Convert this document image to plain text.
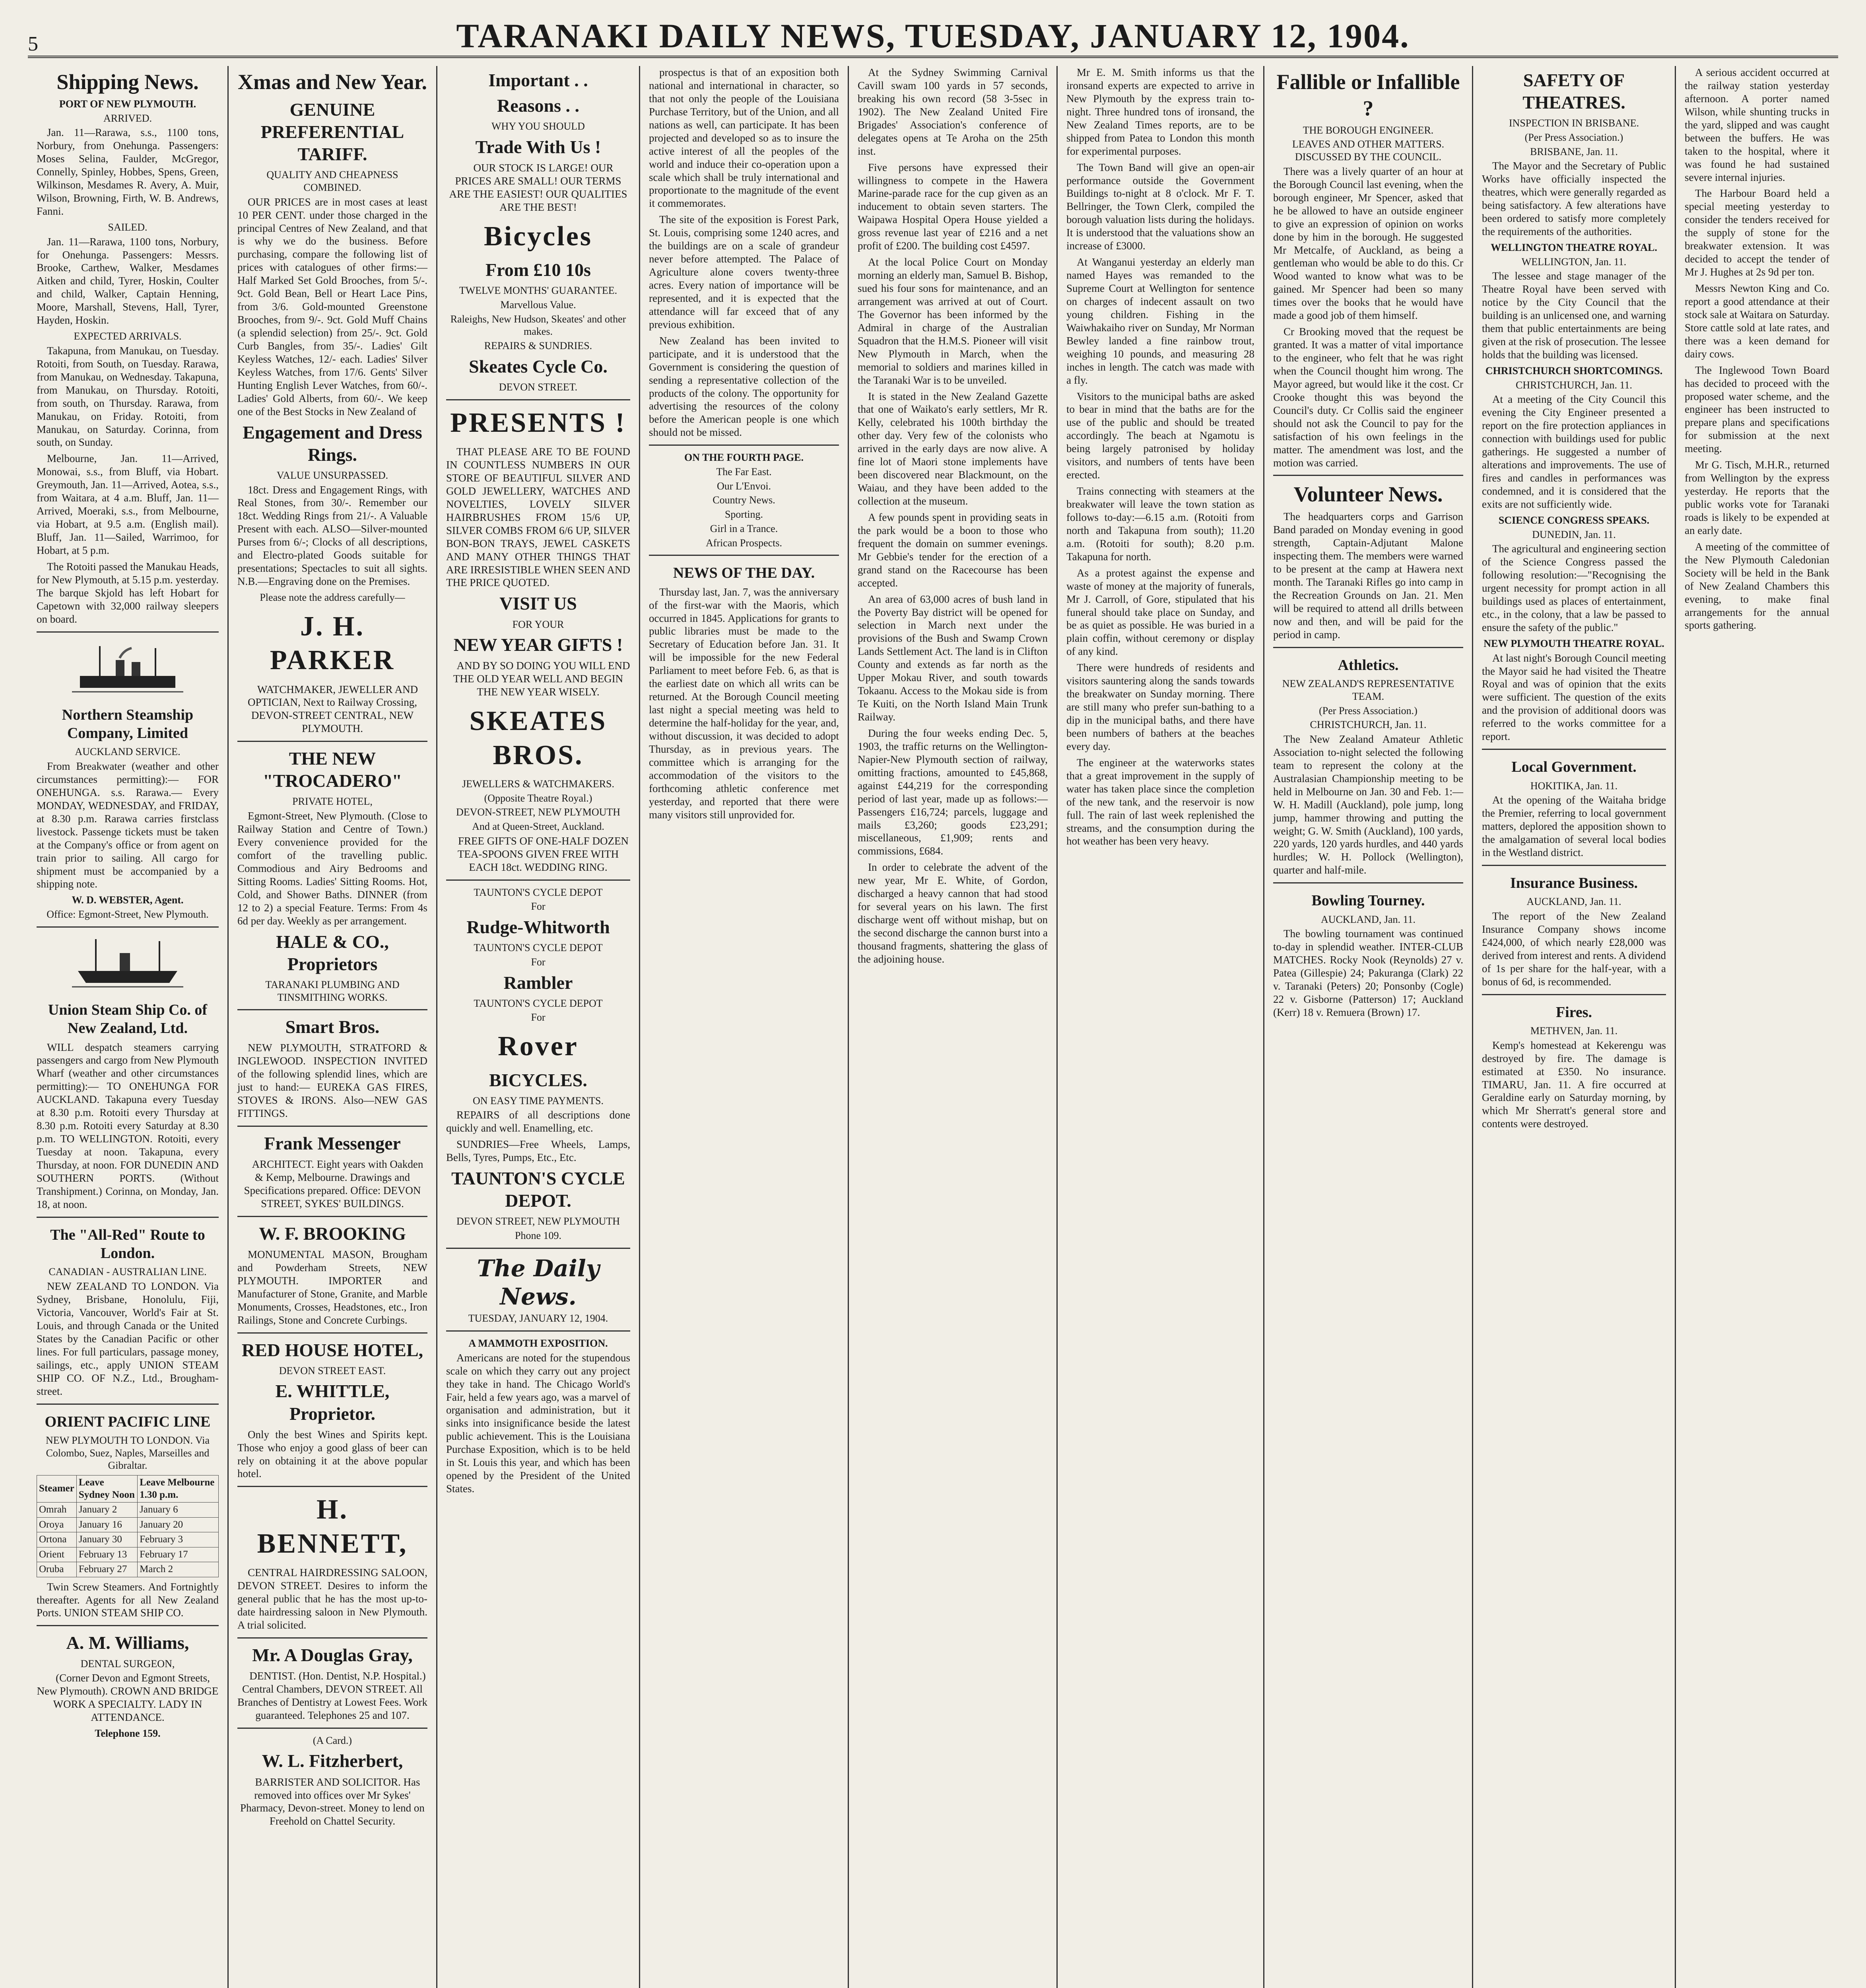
5	TARANAKI DAILY NEWS, TUESDAY, JANUARY 12, 1904.
Shipping News.
PORT OF NEW PLYMOUTH.
ARRIVED.

Jan. 11—Rarawa, s.s., 1100 tons, Norbury, from Onehunga. Passengers: Moses Selina, Faulder, McGregor, Connelly, Spinley, Hobbes, Spens, Green, Wilkinson, Mesdames R. Avery, A. Muir, Wilson, Browning, Firth, W. B. Andrews, Fanni.

SAILED.

Jan. 11—Rarawa, 1100 tons, Norbury, for Onehunga. Passengers: Messrs. Brooke, Carthew, Walker, Mesdames Aitken and child, Tyrer, Hoskin, Coulter and child, Walker, Captain Henning, Moore, Marshall, Stevens, Hall, Tyrer, Hayden, Hoskin.

EXPECTED ARRIVALS.

Takapuna, from Manukau, on Tuesday. Rotoiti, from South, on Tuesday. Rarawa, from Manukau, on Wednesday. Takapuna, from Manukau, on Thursday. Rotoiti, from south, on Thursday. Rarawa, from Manukau, on Friday. Rotoiti, from Manukau, on Saturday. Corinna, from south, on Sunday.

Melbourne, Jan. 11—Arrived, Monowai, s.s., from Bluff, via Hobart. Greymouth, Jan. 11—Arrived, Aotea, s.s., from Waitara, at 4 a.m. Bluff, Jan. 11—Arrived, Moeraki, s.s., from Melbourne, via Hobart, at 9.5 a.m. (English mail). Bluff, Jan. 11—Sailed, Warrimoo, for Hobart, at 5 p.m.

The Rotoiti passed the Manukau Heads, for New Plymouth, at 5.15 p.m. yesterday. The barque Skjold has left Hobart for Capetown with 32,000 railway sleepers on board.

Northern Steamship Company, Limited
AUCKLAND SERVICE.

From Breakwater (weather and other circumstances permitting):— FOR ONEHUNGA. s.s. Rarawa.— Every MONDAY, WEDNESDAY, and FRIDAY, at 8.30 p.m. Rarawa carries firstclass livestock. Passenge tickets must be taken at the Company's office or from agent on train prior to sailing. All cargo for shipment must be accompanied by a shipping note.

W. D. WEBSTER, Agent.
Office: Egmont-Street, New Plymouth.
Union Steam Ship Co. of New Zealand, Ltd.

WILL despatch steamers carrying passengers and cargo from New Plymouth Wharf (weather and other circumstances permitting):— TO ONEHUNGA FOR AUCKLAND. Takapuna every Tuesday at 8.30 p.m. Rotoiti every Thursday at 8.30 p.m. Rotoiti every Saturday at 8.30 p.m. TO WELLINGTON. Rotoiti, every Tuesday at noon. Takapuna, every Thursday, at noon. FOR DUNEDIN AND SOUTHERN PORTS. (Without Transhipment.) Corinna, on Monday, Jan. 18, at noon.

The "All-Red" Route to London.
CANADIAN - AUSTRALIAN LINE.

NEW ZEALAND TO LONDON. Via Sydney, Brisbane, Honolulu, Fiji, Victoria, Vancouver, World's Fair at St. Louis, and through Canada or the United States by the Canadian Pacific or other lines. For full particulars, passage money, sailings, etc., apply UNION STEAM SHIP CO. OF N.Z., Ltd., Brougham-street.

ORIENT PACIFIC LINE
NEW PLYMOUTH TO LONDON. Via Colombo, Suez, Naples, Marseilles and Gibraltar.
Steamer	Leave Sydney Noon	Leave Melbourne 1.30 p.m.
Omrah	January 2	January 6
Oroya	January 16	January 20
Ortona	January 30	February 3
Orient	February 13	February 17
Oruba	February 27	March 2

Twin Screw Steamers. And Fortnightly thereafter. Agents for all New Zealand Ports. UNION STEAM SHIP CO.

A. M. Williams,
DENTAL SURGEON,

(Corner Devon and Egmont Streets, New Plymouth). CROWN AND BRIDGE WORK A SPECIALTY. LADY IN ATTENDANCE.

Telephone 159.
Xmas and New Year.
GENUINE PREFERENTIAL TARIFF.
QUALITY AND CHEAPNESS COMBINED.

OUR PRICES are in most cases at least 10 PER CENT. under those charged in the principal Centres of New Zealand, and that is why we do the business. Before purchasing, compare the following list of prices with catalogues of other firms:— Half Marked Set Gold Brooches, from 5/-. 9ct. Gold Bean, Bell or Heart Lace Pins, from 3/6. Gold-mounted Greenstone Brooches, from 9/-. 9ct. Gold Muff Chains (a splendid selection) from 25/-. 9ct. Gold Curb Bangles, from 35/-. Ladies' Gilt Keyless Watches, 12/- each. Ladies' Silver Keyless Watches, from 17/6. Gents' Silver Hunting English Lever Watches, from 60/-. Ladies' Gold Alberts, from 60/-. We keep one of the Best Stocks in New Zealand of

Engagement and Dress Rings.
VALUE UNSURPASSED.

18ct. Dress and Engagement Rings, with Real Stones, from 30/-. Remember our 18ct. Wedding Rings from 21/-. A Valuable Present with each. ALSO—Silver-mounted Purses from 6/-; Clocks of all descriptions, and Electro-plated Goods suitable for presentations; Spectacles to suit all sights. N.B.—Engraving done on the Premises.

Please note the address carefully—
J. H. PARKER

WATCHMAKER, JEWELLER AND OPTICIAN, Next to Railway Crossing, DEVON-STREET CENTRAL, NEW PLYMOUTH.

THE NEW "TROCADERO"
PRIVATE HOTEL,

Egmont-Street, New Plymouth. (Close to Railway Station and Centre of Town.) Every convenience provided for the comfort of the travelling public. Commodious and Airy Bedrooms and Sitting Rooms. Ladies' Sitting Rooms. Hot, Cold, and Shower Baths. DINNER (from 12 to 2) a special Feature. Terms: From 4s 6d per day. Weekly as per arrangement.

HALE & CO., Proprietors
TARANAKI PLUMBING AND TINSMITHING WORKS.
Smart Bros.

NEW PLYMOUTH, STRATFORD & INGLEWOOD. INSPECTION INVITED of the following splendid lines, which are just to hand:— EUREKA GAS FIRES, STOVES & IRONS. Also—NEW GAS FITTINGS.

Frank Messenger

ARCHITECT. Eight years with Oakden & Kemp, Melbourne. Drawings and Specifications prepared. Office: DEVON STREET, SYKES' BUILDINGS.

W. F. BROOKING

MONUMENTAL MASON, Brougham and Powderham Streets, NEW PLYMOUTH. IMPORTER and Manufacturer of Stone, Granite, and Marble Monuments, Crosses, Headstones, etc., Iron Railings, Stone and Concrete Curbings.

RED HOUSE HOTEL,
DEVON STREET EAST.
E. WHITTLE, Proprietor.

Only the best Wines and Spirits kept. Those who enjoy a good glass of beer can rely on obtaining it at the above popular hotel.

H. BENNETT,

CENTRAL HAIRDRESSING SALOON, DEVON STREET. Desires to inform the general public that he has the most up-to-date hairdressing saloon in New Plymouth. A trial solicited.

Mr. A Douglas Gray,

DENTIST. (Hon. Dentist, N.P. Hospital.) Central Chambers, DEVON STREET. All Branches of Dentistry at Lowest Fees. Work guaranteed. Telephones 25 and 107.

(A Card.)
W. L. Fitzherbert,

BARRISTER AND SOLICITOR. Has removed into offices over Mr Sykes' Pharmacy, Devon-street. Money to lend on Freehold on Chattel Security.

Important . .
Reasons . .
WHY YOU SHOULD
Trade With Us !

OUR STOCK IS LARGE! OUR PRICES ARE SMALL! OUR TERMS ARE THE EASIEST! OUR QUALITIES ARE THE BEST!

Bicycles
From £10 10s
TWELVE MONTHS' GUARANTEE.
Marvellous Value.
Raleighs, New Hudson, Skeates' and other makes.
REPAIRS & SUNDRIES.
Skeates Cycle Co.
DEVON STREET.
PRESENTS !

THAT PLEASE ARE TO BE FOUND IN COUNTLESS NUMBERS IN OUR STORE OF BEAUTIFUL SILVER AND GOLD JEWELLERY, WATCHES AND NOVELTIES, LOVELY SILVER HAIRBRUSHES FROM 15/6 UP, SILVER COMBS FROM 6/6 UP, SILVER BON-BON TRAYS, JEWEL CASKETS AND MANY OTHER THINGS THAT ARE IRRESISTIBLE WHEN SEEN AND THE PRICE QUOTED.

VISIT US
FOR YOUR
NEW YEAR GIFTS !

AND BY SO DOING YOU WILL END THE OLD YEAR WELL AND BEGIN THE NEW YEAR WISELY.

SKEATES BROS.
JEWELLERS & WATCHMAKERS.
(Opposite Theatre Royal.)
DEVON-STREET, NEW PLYMOUTH
And at Queen-Street, Auckland.

FREE GIFTS OF ONE-HALF DOZEN TEA-SPOONS GIVEN FREE WITH EACH 18ct. WEDDING RING.

TAUNTON'S CYCLE DEPOT
For
Rudge-Whitworth
TAUNTON'S CYCLE DEPOT
For
Rambler
TAUNTON'S CYCLE DEPOT
For
Rover
BICYCLES.
ON EASY TIME PAYMENTS.

REPAIRS of all descriptions done quickly and well. Enamelling, etc.

SUNDRIES—Free Wheels, Lamps, Bells, Tyres, Pumps, Etc., Etc.

TAUNTON'S CYCLE DEPOT.
DEVON STREET, NEW PLYMOUTH
Phone 109.
The Daily News.
TUESDAY, JANUARY 12, 1904.
A MAMMOTH EXPOSITION.

Americans are noted for the stupendous scale on which they carry out any project they take in hand. The Chicago World's Fair, held a few years ago, was a marvel of organisation and administration, but it sinks into insignificance beside the latest public achievement. This is the Louisiana Purchase Exposition, which is to be held in St. Louis this year, and which has been opened by the President of the United States.

prospectus is that of an exposition both national and international in character, so that not only the people of the Louisiana Purchase Territory, but of the Union, and all nations as well, can participate. It has been projected and developed so as to insure the active interest of all the peoples of the world and induce their co-operation upon a scale which shall be truly international and proportionate to the magnitude of the event it commemorates.

The site of the exposition is Forest Park, St. Louis, comprising some 1240 acres, and the buildings are on a scale of grandeur never before attempted. The Palace of Agriculture alone covers twenty-three acres. Every nation of importance will be represented, and it is expected that the attendance will far exceed that of any previous exhibition.

New Zealand has been invited to participate, and it is understood that the Government is considering the question of sending a representative collection of the products of the colony. The opportunity for advertising the resources of the colony before the American people is one which should not be missed.

ON THE FOURTH PAGE.
The Far East.
Our L'Envoi.
Country News.
Sporting.
Girl in a Trance.
African Prospects.
NEWS OF THE DAY.

Thursday last, Jan. 7, was the anniversary of the first-war with the Maoris, which occurred in 1845. Applications for grants to public libraries must be made to the Secretary of Education before Jan. 31. It will be impossible for the new Federal Parliament to meet before Feb. 6, as that is the earliest date on which all writs can be returned. At the Borough Council meeting last night a special meeting was held to determine the half-holiday for the year, and, without discussion, it was decided to adopt Thursday, as in previous years. The committee which is arranging for the accommodation of the visitors to the forthcoming athletic conference met yesterday, and reported that there were many visitors still unprovided for.

At the Sydney Swimming Carnival Cavill swam 100 yards in 57 seconds, breaking his own record (58 3-5sec in 1902). The New Zealand United Fire Brigades' Association's conference of delegates opens at Te Aroha on the 25th inst.

Five persons have expressed their willingness to compete in the Hawera Marine-parade race for the cup given as an inducement to obtain seven starters. The Waipawa Hospital Opera House yielded a gross revenue last year of £216 and a net profit of £200. The building cost £4597.

At the local Police Court on Monday morning an elderly man, Samuel B. Bishop, sued his four sons for maintenance, and an arrangement was arrived at out of Court. The Governor has been informed by the Admiral in charge of the Australian Squadron that the H.M.S. Pioneer will visit New Plymouth in March, when the memorial to soldiers and marines killed in the Taranaki War is to be unveiled.

It is stated in the New Zealand Gazette that one of Waikato's early settlers, Mr R. Kelly, celebrated his 100th birthday the other day. Very few of the colonists who arrived in the early days are now alive. A fine lot of Maori stone implements have been discovered near Blackmount, on the Waiau, and they have been added to the collection at the museum.

A few pounds spent in providing seats in the park would be a boon to those who frequent the domain on summer evenings. Mr Gebbie's tender for the erection of a grand stand on the Racecourse has been accepted.

An area of 63,000 acres of bush land in the Poverty Bay district will be opened for selection in March next under the provisions of the Bush and Swamp Crown Lands Settlement Act. The land is in Clifton County and extends as far north as the Upper Mokau River, and south towards Tokaanu. Access to the Mokau side is from Te Kuiti, on the North Island Main Trunk Railway.

During the four weeks ending Dec. 5, 1903, the traffic returns on the Wellington-Napier-New Plymouth section of railway, omitting fractions, amounted to £45,868, against £44,219 for the corresponding period of last year, made up as follows:— Passengers £16,724; parcels, luggage and mails £3,260; goods £23,291; miscellaneous, £1,909; rents and commissions, £684.

In order to celebrate the advent of the new year, Mr E. White, of Gordon, discharged a heavy cannon that had stood for several years on his lawn. The first discharge went off without mishap, but on the second discharge the cannon burst into a thousand fragments, shattering the glass of the adjoining house.

Mr E. M. Smith informs us that the ironsand experts are expected to arrive in New Plymouth by the express train to-night. Three hundred tons of ironsand, the New Zealand Times reports, are to be shipped from Patea to London this month for experimental purposes.

The Town Band will give an open-air performance outside the Government Buildings to-night at 8 o'clock. Mr F. T. Bellringer, the Town Clerk, compiled the borough valuation lists during the holidays. It is understood that the valuations show an increase of £3000.

At Wanganui yesterday an elderly man named Hayes was remanded to the Supreme Court at Wellington for sentence on charges of indecent assault on two young children. Fishing in the Waiwhakaiho river on Sunday, Mr Norman Bewley landed a fine rainbow trout, weighing 10 pounds, and measuring 28 inches in length. The catch was made with a fly.

Visitors to the municipal baths are asked to bear in mind that the baths are for the use of the public and should be treated accordingly. The beach at Ngamotu is being largely patronised by holiday visitors, and numbers of tents have been erected.

Trains connecting with steamers at the breakwater will leave the town station as follows to-day:—6.15 a.m. (Rotoiti from north and Takapuna from south); 11.20 a.m. (Rotoiti for south); 8.20 p.m. Takapuna for north.

As a protest against the expense and waste of money at the majority of funerals, Mr J. Carroll, of Gore, stipulated that his funeral should take place on Sunday, and be as quiet as possible. He was buried in a plain coffin, without ceremony or display of any kind.

There were hundreds of residents and visitors sauntering along the sands towards the breakwater on Sunday morning. There are still many who prefer sun-bathing to a dip in the municipal baths, and there have been numbers of bathers at the beaches every day.

The engineer at the waterworks states that a great improvement in the supply of water has taken place since the completion of the new tank, and the reservoir is now full. The rain of last week replenished the streams, and the consumption during the hot weather has been very heavy.

Fallible or Infallible ?
THE BOROUGH ENGINEER.
LEAVES AND OTHER MATTERS. DISCUSSED BY THE COUNCIL.

There was a lively quarter of an hour at the Borough Council last evening, when the borough engineer, Mr Spencer, asked that he be allowed to have an outside engineer to give an expression of opinion on works done by him in the borough. He suggested Mr Metcalfe, of Auckland, as being a gentleman who would be able to do this. Cr Wood wanted to know what was to be gained. Mr Spencer had been so many times over the books that he would have made a good job of them himself.

Cr Brooking moved that the request be granted. It was a matter of vital importance to the engineer, who felt that he was right when the Council thought him wrong. The Mayor agreed, but would like it the cost. Cr Crooke thought this was beyond the Council's duty. Cr Collis said the engineer should not ask the Council to pay for the satisfaction of his own feelings in the matter. The amendment was lost, and the motion was carried.

Volunteer News.

The headquarters corps and Garrison Band paraded on Monday evening in good strength, Captain-Adjutant Malone inspecting them. The members were warned to be present at the camp at Hawera next month. The Taranaki Rifles go into camp in the Recreation Grounds on Jan. 21. Men will be required to attend all drills between now and then, and will be paid for the period in camp.

Athletics.
NEW ZEALAND'S REPRESENTATIVE TEAM.
(Per Press Association.)
CHRISTCHURCH, Jan. 11.

The New Zealand Amateur Athletic Association to-night selected the following team to represent the colony at the Australasian Championship meeting to be held in Melbourne on Jan. 30 and Feb. 1:—W. H. Madill (Auckland), pole jump, long jump, hammer throwing and putting the weight; G. W. Smith (Auckland), 100 yards, 220 yards, 120 yards hurdles, and 440 yards hurdles; W. H. Pollock (Wellington), quarter and half-mile.

Bowling Tourney.
AUCKLAND, Jan. 11.

The bowling tournament was continued to-day in splendid weather. INTER-CLUB MATCHES. Rocky Nook (Reynolds) 27 v. Patea (Gillespie) 24; Pakuranga (Clark) 22 v. Taranaki (Peters) 20; Ponsonby (Cogle) 22 v. Gisborne (Patterson) 17; Auckland (Kerr) 18 v. Remuera (Brown) 17.

SAFETY OF THEATRES.
INSPECTION IN BRISBANE.
(Per Press Association.)
BRISBANE, Jan. 11.

The Mayor and the Secretary of Public Works have officially inspected the theatres, which were generally regarded as being satisfactory. A few alterations have been ordered to satisfy more completely the requirements of the authorities.

WELLINGTON THEATRE ROYAL.
WELLINGTON, Jan. 11.

The lessee and stage manager of the Theatre Royal have been served with notice by the City Council that the building is an unlicensed one, and warning them that public entertainments are being given at the risk of prosecution. The lessee holds that the building was licensed.

CHRISTCHURCH SHORTCOMINGS.
CHRISTCHURCH, Jan. 11.

At a meeting of the City Council this evening the City Engineer presented a report on the fire protection appliances in connection with buildings used for public gatherings. He suggested a number of alterations and improvements. The use of fires and candles in performances was condemned, and it is considered that the exits are not sufficiently wide.

SCIENCE CONGRESS SPEAKS.
DUNEDIN, Jan. 11.

The agricultural and engineering section of the Science Congress passed the following resolution:—"Recognising the urgent necessity for prompt action in all buildings used as places of entertainment, etc., in the colony, that a law be passed to ensure the safety of the public."

NEW PLYMOUTH THEATRE ROYAL.

At last night's Borough Council meeting the Mayor said he had visited the Theatre Royal and was of opinion that the exits were sufficient. The question of the exits and the provision of additional doors was referred to the works committee for a report.

Local Government.
HOKITIKA, Jan. 11.

At the opening of the Waitaha bridge the Premier, referring to local government matters, deplored the apposition shown to the amalgamation of several local bodies in the Westland district.

Insurance Business.
AUCKLAND, Jan. 11.

The report of the New Zealand Insurance Company shows income £424,000, of which nearly £28,000 was derived from interest and rents. A dividend of 1s per share for the half-year, with a bonus of 6d, is recommended.

Fires.
METHVEN, Jan. 11.

Kemp's homestead at Kekerengu was destroyed by fire. The damage is estimated at £350. No insurance. TIMARU, Jan. 11. A fire occurred at Geraldine early on Saturday morning, by which Mr Sherratt's general store and contents were destroyed.

A serious accident occurred at the railway station yesterday afternoon. A porter named Wilson, while shunting trucks in the yard, slipped and was caught between the buffers. He was taken to the hospital, where it was found he had sustained severe internal injuries.

The Harbour Board held a special meeting yesterday to consider the tenders received for the supply of stone for the breakwater extension. It was decided to accept the tender of Mr J. Hughes at 2s 9d per ton.

Messrs Newton King and Co. report a good attendance at their stock sale at Waitara on Saturday. Store cattle sold at late rates, and there was a keen demand for dairy cows.

The Inglewood Town Board has decided to proceed with the proposed water scheme, and the engineer has been instructed to prepare plans and specifications for submission at the next meeting.

Mr G. Tisch, M.H.R., returned from Wellington by the express yesterday. He reports that the public works vote for Taranaki roads is likely to be expended at an early date.

A meeting of the committee of the New Plymouth Caledonian Society will be held in the Bank of New Zealand Chambers this evening, to make final arrangements for the annual sports gathering.
